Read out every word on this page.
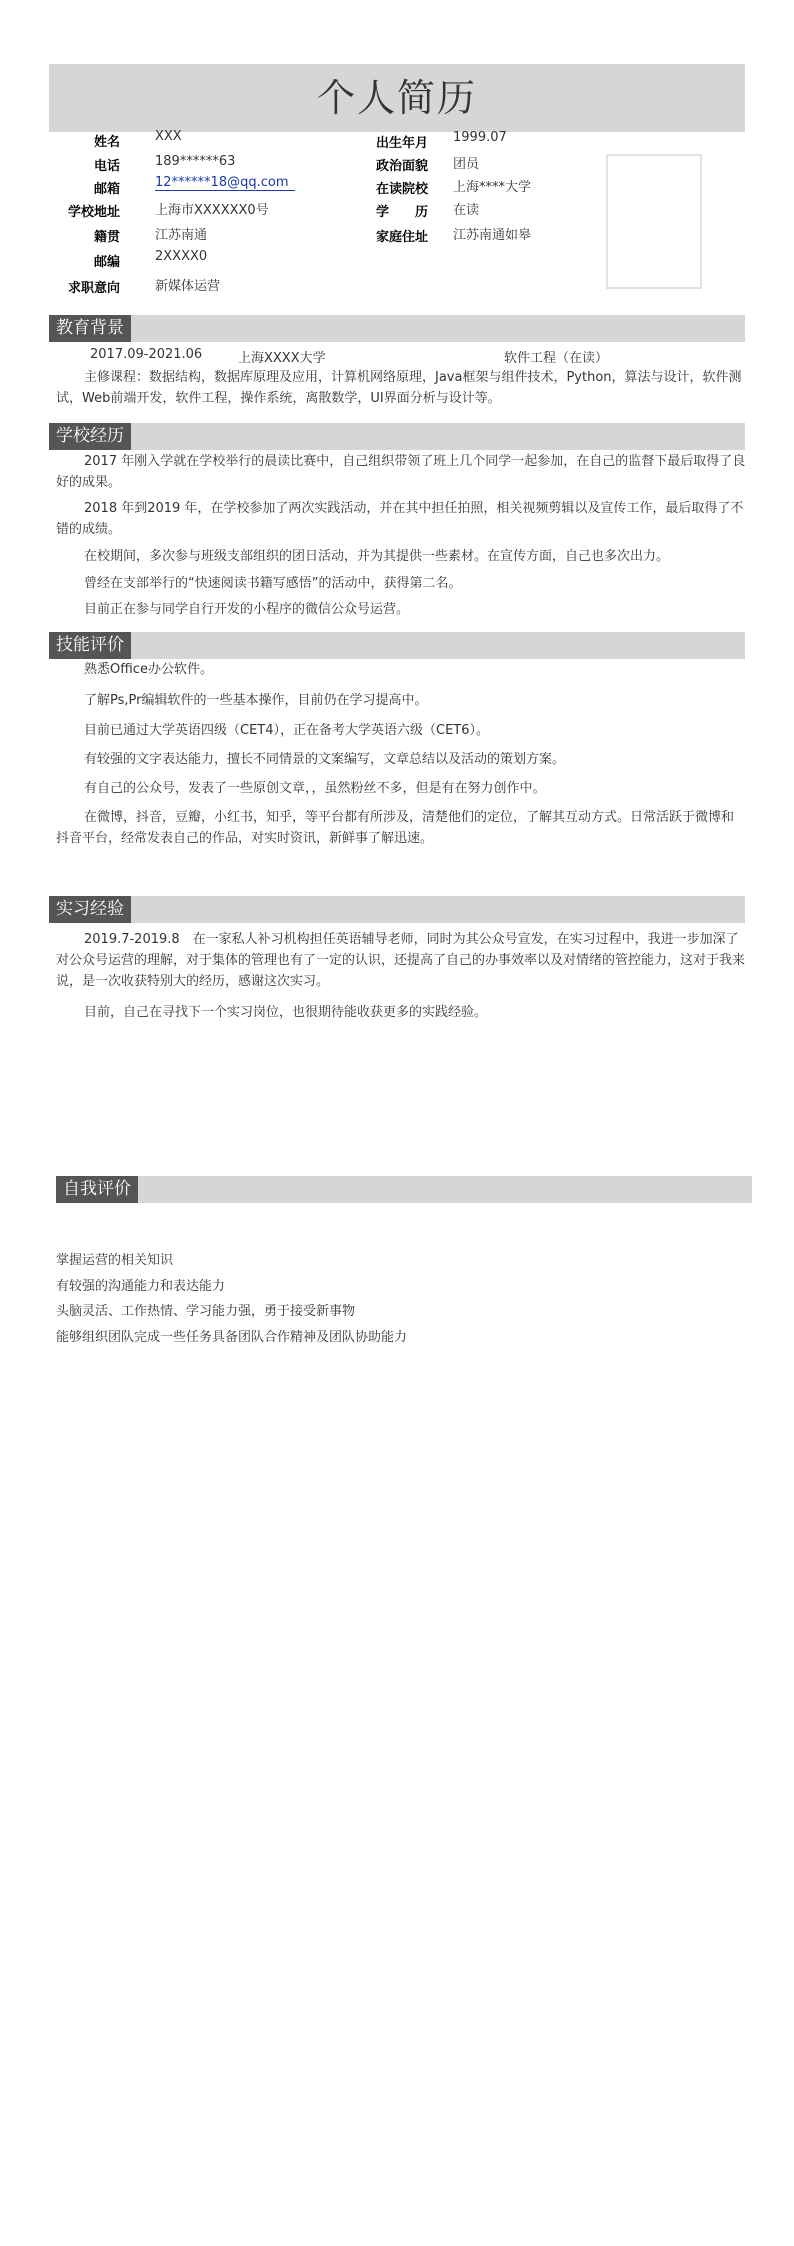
个人简历
姓名	XXX
电话	189******63
邮箱	12******18@qq.com
学校地址	上海市XXXXXX0号
籍贯	江苏南通
邮编	2XXXX0
求职意向	新媒体运营
出生年月 1999.07
政治面貌 团员
在读院校 上海****大学
学　　历 在读
家庭住址 江苏南通如皋
教育背景
2017.09-2021.06	上海XXXX大学	软件工程（在读）
主修课程：数据结构，数据库原理及应用，计算机网络原理，Java框架与组件技术，Python，算法与设计，软件测试，Web前端开发，软件工程，操作系统，离散数学，UI界面分析与设计等。
学校经历
2017 年刚入学就在学校举行的晨读比赛中，自己组织带领了班上几个同学一起参加，在自己的监督下最后取得了良好的成果。
2018 年到2019 年，在学校参加了两次实践活动，并在其中担任拍照，相关视频剪辑以及宣传工作，最后取得了不错的成绩。
在校期间，多次参与班级支部组织的团日活动，并为其提供一些素材。在宣传方面，自己也多次出力。
曾经在支部举行的“快速阅读书籍写感悟”的活动中，获得第二名。
目前正在参与同学自行开发的小程序的微信公众号运营。
技能评价
熟悉Office办公软件。
了解Ps,Pr编辑软件的一些基本操作，目前仍在学习提高中。
目前已通过大学英语四级（CET4），正在备考大学英语六级（CET6）。
有较强的文字表达能力，擅长不同情景的文案编写，文章总结以及活动的策划方案。
有自己的公众号，发表了一些原创文章，，虽然粉丝不多，但是有在努力创作中。
在微博，抖音，豆瓣，小红书，知乎，等平台都有所涉及，清楚他们的定位，了解其互动方式。日常活跃于微博和抖音平台，经常发表自己的作品，对实时资讯，新鲜事了解迅速。
实习经验
2019.7-2019.8　在一家私人补习机构担任英语辅导老师，同时为其公众号宣发，在实习过程中，我进一步加深了对公众号运营的理解，对于集体的管理也有了一定的认识，还提高了自己的办事效率以及对情绪的管控能力，这对于我来说，是一次收获特别大的经历，感谢这次实习。
目前，自己在寻找下一个实习岗位，也很期待能收获更多的实践经验。
自我评价
掌握运营的相关知识
有较强的沟通能力和表达能力
头脑灵活、工作热情、学习能力强，勇于接受新事物
能够组织团队完成一些任务具备团队合作精神及团队协助能力
